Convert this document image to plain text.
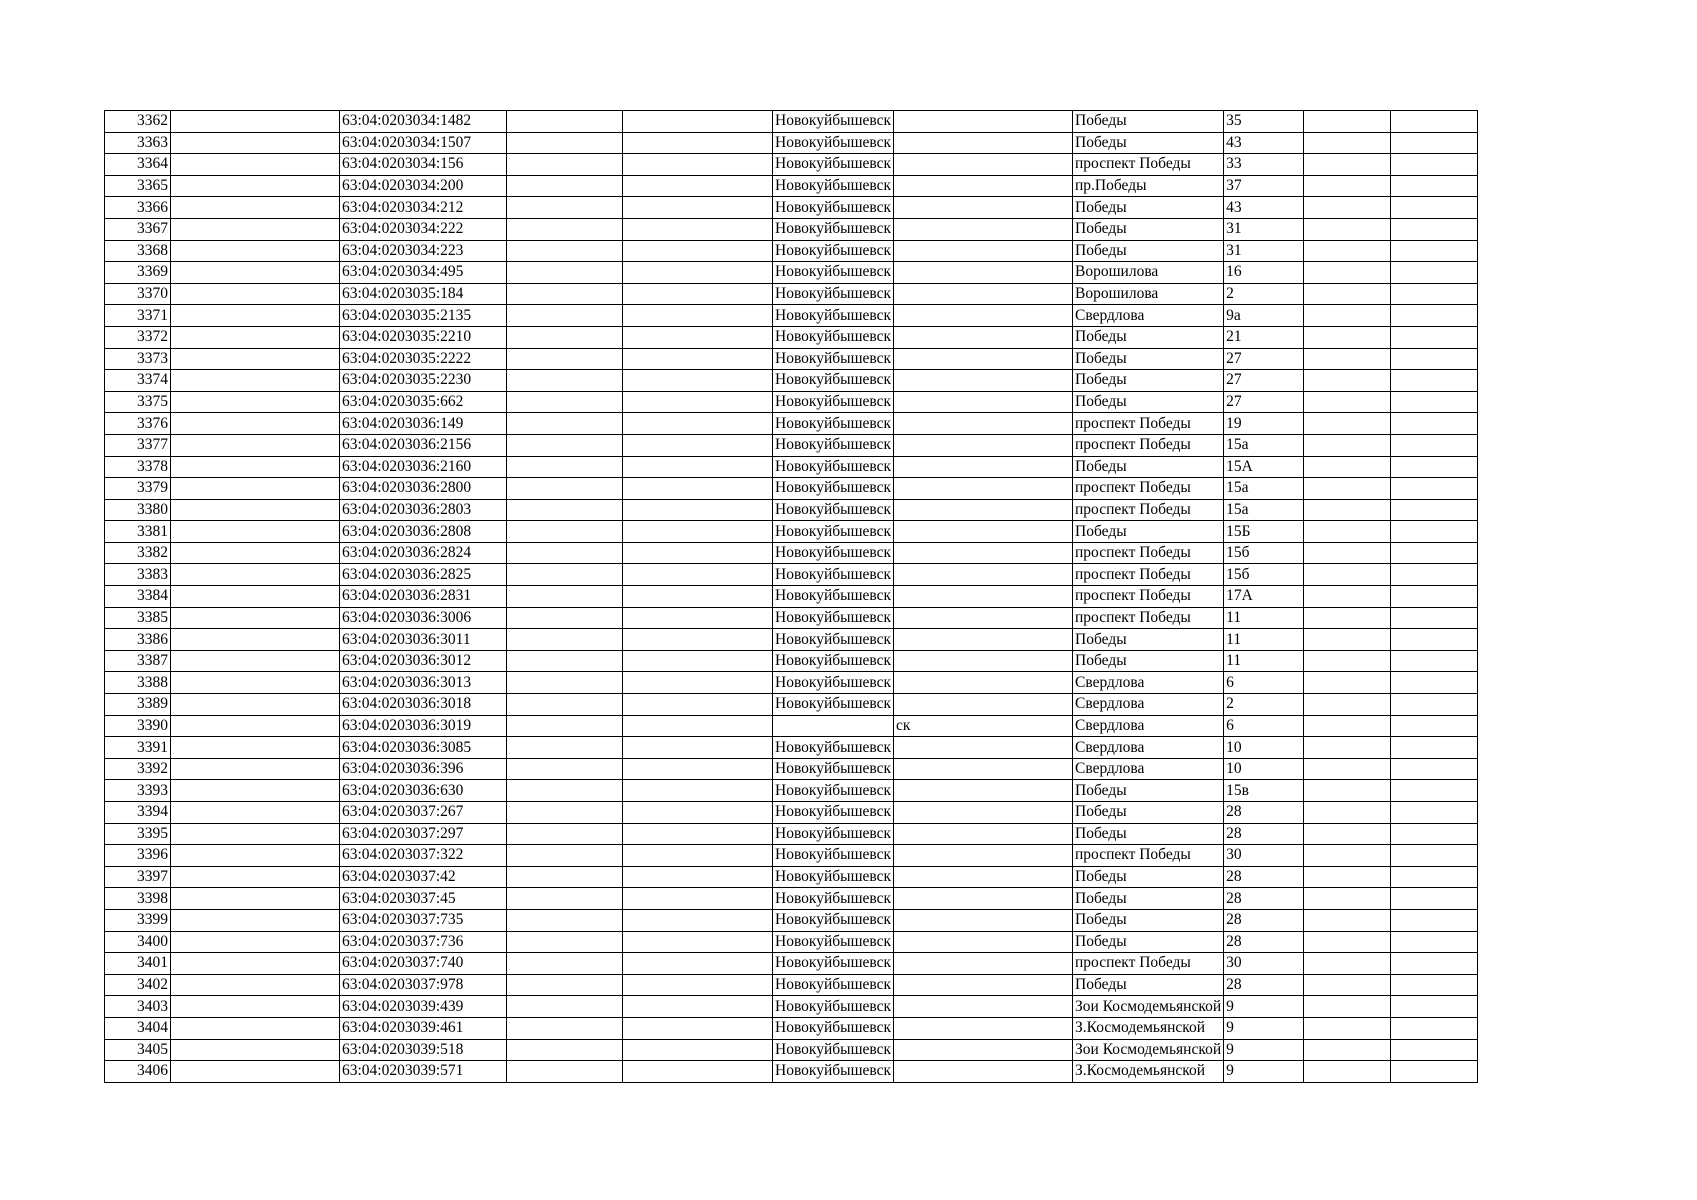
3362		63:04:0203034:1482			Новокуйбышевск		Победы	35		
3363		63:04:0203034:1507			Новокуйбышевск		Победы	43		
3364		63:04:0203034:156			Новокуйбышевск		проспект Победы	33		
3365		63:04:0203034:200			Новокуйбышевск		пр.Победы	37		
3366		63:04:0203034:212			Новокуйбышевск		Победы	43		
3367		63:04:0203034:222			Новокуйбышевск		Победы	31		
3368		63:04:0203034:223			Новокуйбышевск		Победы	31		
3369		63:04:0203034:495			Новокуйбышевск		Ворошилова	16		
3370		63:04:0203035:184			Новокуйбышевск		Ворошилова	2		
3371		63:04:0203035:2135			Новокуйбышевск		Свердлова	9а		
3372		63:04:0203035:2210			Новокуйбышевск		Победы	21		
3373		63:04:0203035:2222			Новокуйбышевск		Победы	27		
3374		63:04:0203035:2230			Новокуйбышевск		Победы	27		
3375		63:04:0203035:662			Новокуйбышевск		Победы	27		
3376		63:04:0203036:149			Новокуйбышевск		проспект Победы	19		
3377		63:04:0203036:2156			Новокуйбышевск		проспект Победы	15а		
3378		63:04:0203036:2160			Новокуйбышевск		Победы	15А		
3379		63:04:0203036:2800			Новокуйбышевск		проспект Победы	15а		
3380		63:04:0203036:2803			Новокуйбышевск		проспект Победы	15а		
3381		63:04:0203036:2808			Новокуйбышевск		Победы	15Б		
3382		63:04:0203036:2824			Новокуйбышевск		проспект Победы	15б		
3383		63:04:0203036:2825			Новокуйбышевск		проспект Победы	15б		
3384		63:04:0203036:2831			Новокуйбышевск		проспект Победы	17А		
3385		63:04:0203036:3006			Новокуйбышевск		проспект Победы	11		
3386		63:04:0203036:3011			Новокуйбышевск		Победы	11		
3387		63:04:0203036:3012			Новокуйбышевск		Победы	11		
3388		63:04:0203036:3013			Новокуйбышевск		Свердлова	6		
3389		63:04:0203036:3018			Новокуйбышевск		Свердлова	2		
3390		63:04:0203036:3019				ск	Свердлова	6		
3391		63:04:0203036:3085			Новокуйбышевск		Свердлова	10		
3392		63:04:0203036:396			Новокуйбышевск		Свердлова	10		
3393		63:04:0203036:630			Новокуйбышевск		Победы	15в		
3394		63:04:0203037:267			Новокуйбышевск		Победы	28		
3395		63:04:0203037:297			Новокуйбышевск		Победы	28		
3396		63:04:0203037:322			Новокуйбышевск		проспект Победы	30		
3397		63:04:0203037:42			Новокуйбышевск		Победы	28		
3398		63:04:0203037:45			Новокуйбышевск		Победы	28		
3399		63:04:0203037:735			Новокуйбышевск		Победы	28		
3400		63:04:0203037:736			Новокуйбышевск		Победы	28		
3401		63:04:0203037:740			Новокуйбышевск		проспект Победы	30		
3402		63:04:0203037:978			Новокуйбышевск		Победы	28		
3403		63:04:0203039:439			Новокуйбышевск		Зои Космодемьянской	9		
3404		63:04:0203039:461			Новокуйбышевск		З.Космодемьянской	9		
3405		63:04:0203039:518			Новокуйбышевск		Зои Космодемьянской	9		
3406		63:04:0203039:571			Новокуйбышевск		З.Космодемьянской	9		
